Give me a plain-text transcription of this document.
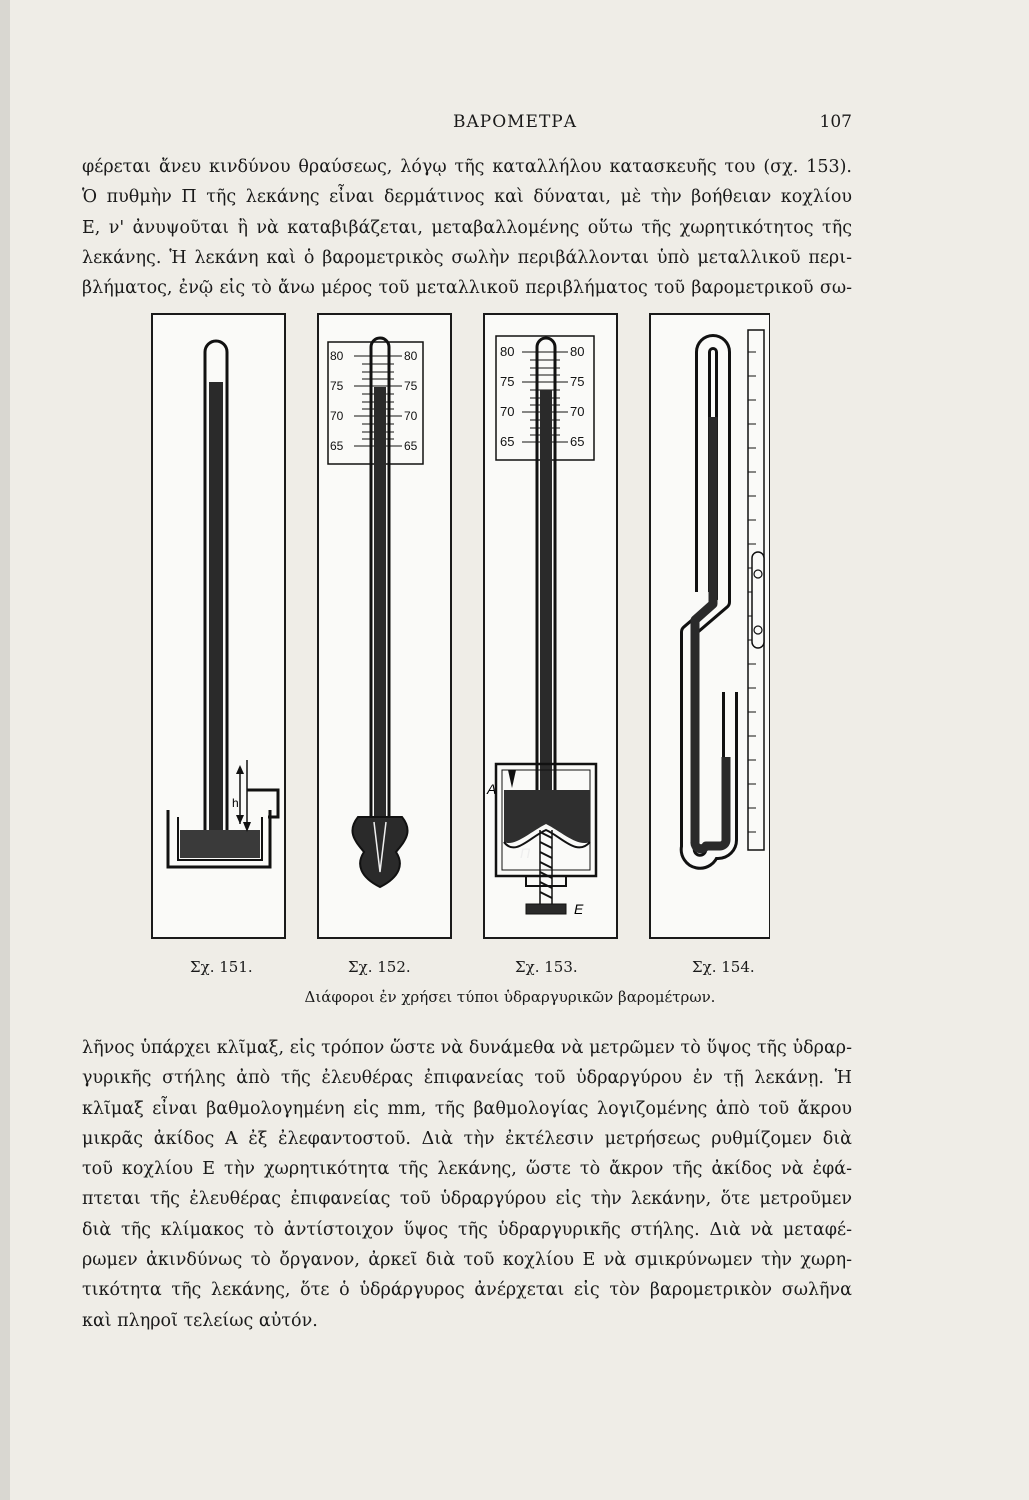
ΒΑΡΟΜΕΤΡΑ	107
φέρεται ἄνευ κινδύνου θραύσεως, λόγῳ τῆς καταλλήλου κατασκευῆς του (σχ. 153).
Ὁ πυθμὴν Π τῆς λεκάνης εἶναι δερμάτινος καὶ δύναται, μὲ τὴν βοήθειαν κοχλίου
Ε, ν' ἀνυψοῦται ἢ νὰ καταβιβάζεται, μεταβαλλομένης οὕτω τῆς χωρητικότητος τῆς
λεκάνης. Ἡ λεκάνη καὶ ὁ βαρομετρικὸς σωλὴν περιβάλλονται ὑπὸ μεταλλικοῦ περι-
βλήματος, ἐνῷ εἰς τὸ ἄνω μέρος τοῦ μεταλλικοῦ περιβλήματος τοῦ βαρομετρικοῦ σω-
h
80
75
70
65
80
75
70
65
80
75
70
65
80
75
70
65
A
Π
E
Σχ. 151.	Σχ. 152.	Σχ. 153.	Σχ. 154.
Διάφοροι ἐν χρήσει τύποι ὑδραργυρικῶν βαρομέτρων.
λῆνος ὑπάρχει κλῖμαξ, εἰς τρόπον ὥστε νὰ δυνάμεθα νὰ μετρῶμεν τὸ ὕψος τῆς ὑδραρ-
γυρικῆς στήλης ἀπὸ τῆς ἐλευθέρας ἐπιφανείας τοῦ ὑδραργύρου ἐν τῇ λεκάνῃ. Ἡ
κλῖμαξ εἶναι βαθμολογημένη εἰς mm, τῆς βαθμολογίας λογιζομένης ἀπὸ τοῦ ἄκρου
μικρᾶς ἀκίδος Α ἐξ ἐλεφαντοστοῦ. Διὰ τὴν ἐκτέλεσιν μετρήσεως ρυθμίζομεν διὰ
τοῦ κοχλίου Ε τὴν χωρητικότητα τῆς λεκάνης, ὥστε τὸ ἄκρον τῆς ἀκίδος νὰ ἐφά-
πτεται τῆς ἐλευθέρας ἐπιφανείας τοῦ ὑδραργύρου εἰς τὴν λεκάνην, ὅτε μετροῦμεν
διὰ τῆς κλίμακος τὸ ἀντίστοιχον ὕψος τῆς ὑδραργυρικῆς στήλης. Διὰ νὰ μεταφέ-
ρωμεν ἀκινδύνως τὸ ὄργανον, ἀρκεῖ διὰ τοῦ κοχλίου Ε νὰ σμικρύνωμεν τὴν χωρη-
τικότητα τῆς λεκάνης, ὅτε ὁ ὑδράργυρος ἀνέρχεται εἰς τὸν βαρομετρικὸν σωλῆνα
καὶ πληροῖ τελείως αὐτόν.
